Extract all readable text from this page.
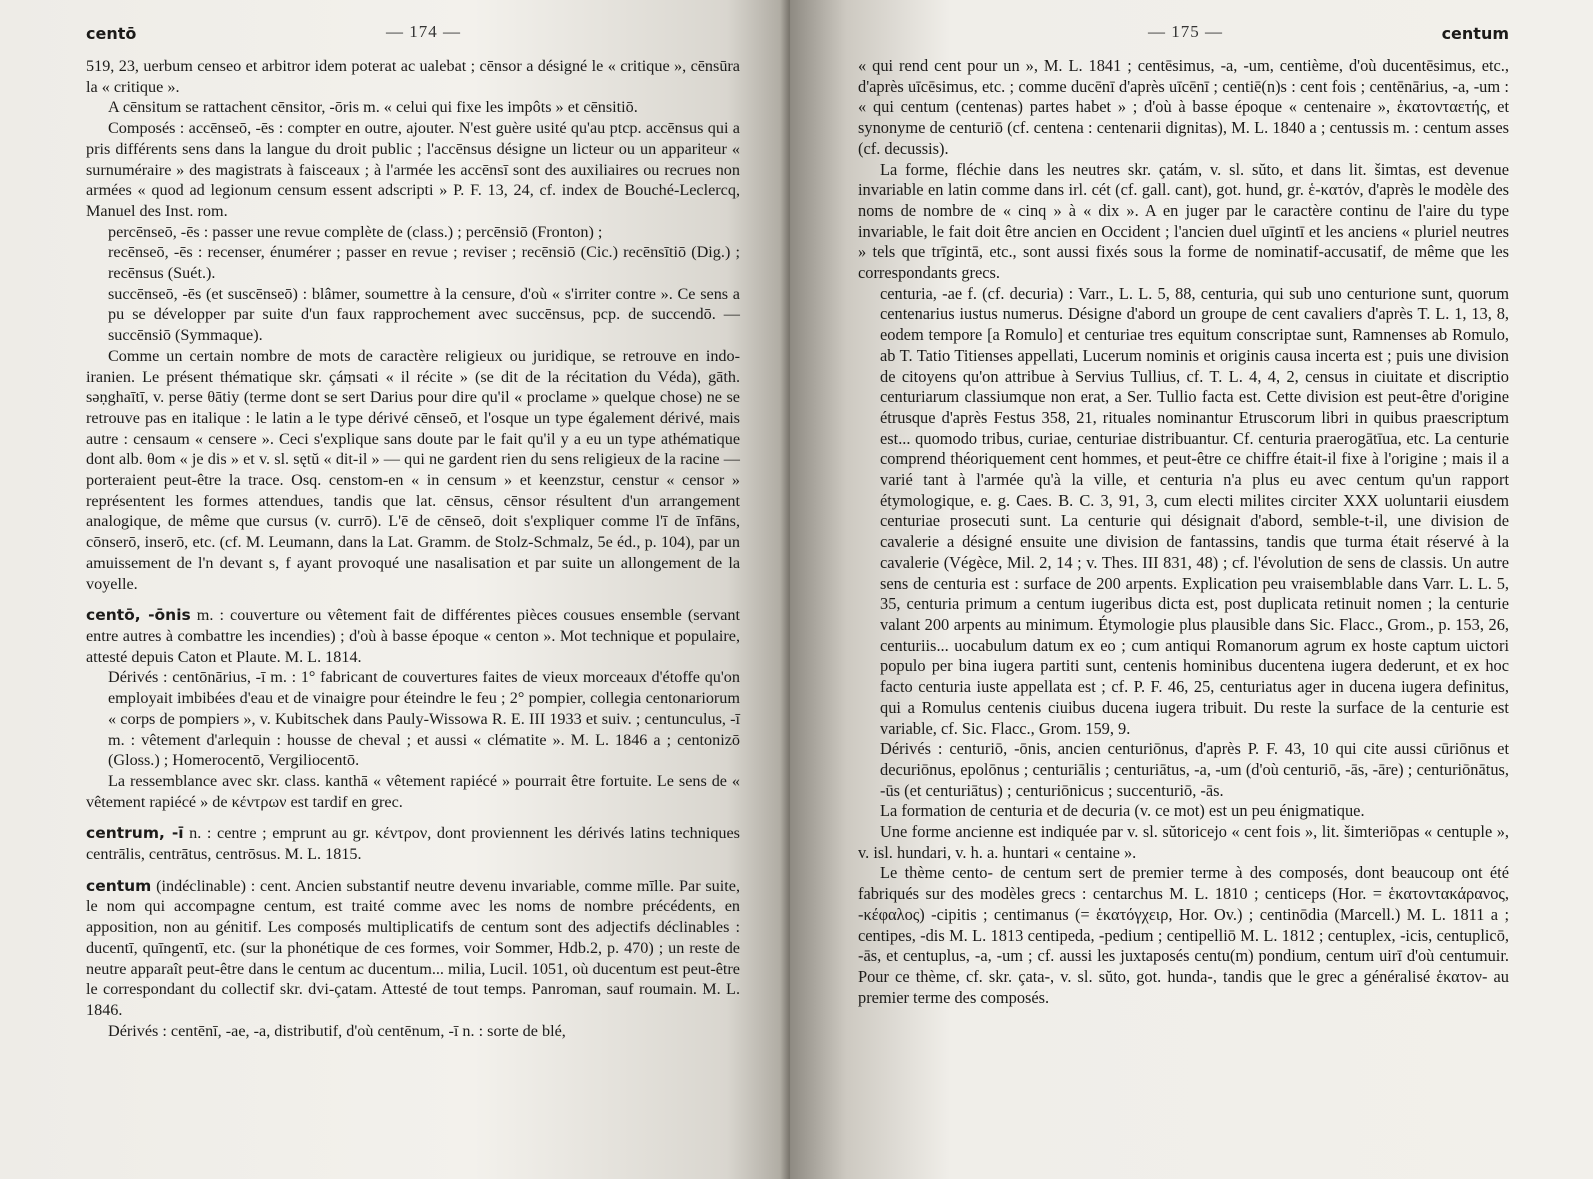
centō	— 174 —

519, 23, uerbum censeo et arbitror idem poterat ac ualebat ; cēnsor a désigné le « critique », cēnsūra la « critique ».

A cēnsitum se rattachent cēnsitor, -ōris m. « celui qui fixe les impôts » et cēnsitiō.

Composés : accēnseō, -ēs : compter en outre, ajouter. N'est guère usité qu'au ptcp. accēnsus qui a pris différents sens dans la langue du droit public ; l'accēnsus désigne un licteur ou un appariteur « surnuméraire » des magistrats à faisceaux ; à l'armée les accēnsī sont des auxiliaires ou recrues non armées « quod ad legionum censum essent adscripti » P. F. 13, 24, cf. index de Bouché-Leclercq, Manuel des Inst. rom.

percēnseō, -ēs : passer une revue complète de (class.) ; percēnsiō (Fronton) ;

recēnseō, -ēs : recenser, énumérer ; passer en revue ; reviser ; recēnsiō (Cic.) recēnsītiō (Dig.) ; recēnsus (Suét.).

succēnseō, -ēs (et suscēnseō) : blâmer, soumettre à la censure, d'où « s'irriter contre ». Ce sens a pu se développer par suite d'un faux rapprochement avec succēnsus, pcp. de succendō. — succēnsiō (Symmaque).

Comme un certain nombre de mots de caractère religieux ou juridique, se retrouve en indo-iranien. Le présent thématique skr. çáṃsati « il récite » (se dit de la récitation du Véda), gāth. səṇghaītī, v. perse θātiy (terme dont se sert Darius pour dire qu'il « proclame » quelque chose) ne se retrouve pas en italique : le latin a le type dérivé cēnseō, et l'osque un type également dérivé, mais autre : censaum « censere ». Ceci s'explique sans doute par le fait qu'il y a eu un type athématique dont alb. θom « je dis » et v. sl. sętŭ « dit-il » — qui ne gardent rien du sens religieux de la racine — porteraient peut-être la trace. Osq. censtom-en « in censum » et keenzstur, censtur « censor » représentent les formes attendues, tandis que lat. cēnsus, cēnsor résultent d'un arrangement analogique, de même que cursus (v. currō). L'ē de cēnseō, doit s'expliquer comme l'ī de īnfāns, cōnserō, inserō, etc. (cf. M. Leumann, dans la Lat. Gramm. de Stolz-Schmalz, 5e éd., p. 104), par un amuissement de l'n devant s, f ayant provoqué une nasalisation et par suite un allongement de la voyelle.

centō, -ōnis m. : couverture ou vêtement fait de différentes pièces cousues ensemble (servant entre autres à combattre les incendies) ; d'où à basse époque « centon ». Mot technique et populaire, attesté depuis Caton et Plaute. M. L. 1814.

Dérivés : centōnārius, -ī m. : 1° fabricant de couvertures faites de vieux morceaux d'étoffe qu'on employait imbibées d'eau et de vinaigre pour éteindre le feu ; 2° pompier, collegia centonariorum « corps de pompiers », v. Kubitschek dans Pauly-Wissowa R. E. III 1933 et suiv. ; centunculus, -ī m. : vêtement d'arlequin : housse de cheval ; et aussi « clématite ». M. L. 1846 a ; centonizō (Gloss.) ; Homerocentō, Vergiliocentō.

La ressemblance avec skr. class. kanthā « vêtement rapiécé » pourrait être fortuite. Le sens de « vêtement rapiécé » de κέντρων est tardif en grec.

centrum, -ī n. : centre ; emprunt au gr. κέντρον, dont proviennent les dérivés latins techniques centrālis, centrātus, centrōsus. M. L. 1815.

centum (indéclinable) : cent. Ancien substantif neutre devenu invariable, comme mīlle. Par suite, le nom qui accompagne centum, est traité comme avec les noms de nombre précédents, en apposition, non au génitif. Les composés multiplicatifs de centum sont des adjectifs déclinables : ducentī, quīngentī, etc. (sur la phonétique de ces formes, voir Sommer, Hdb.2, p. 470) ; un reste de neutre apparaît peut-être dans le centum ac ducentum... milia, Lucil. 1051, où ducentum est peut-être le correspondant du collectif skr. dvi-çatam. Attesté de tout temps. Panroman, sauf roumain. M. L. 1846.

Dérivés : centēnī, -ae, -a, distributif, d'où centēnum, -ī n. : sorte de blé,

— 175 —	centum

« qui rend cent pour un », M. L. 1841 ; centēsimus, -a, -um, centième, d'où ducentēsimus, etc., d'après uīcēsimus, etc. ; comme ducēnī d'après uīcēnī ; centiē(n)s : cent fois ; centēnārius, -a, -um : « qui centum (centenas) partes habet » ; d'où à basse époque « centenaire », ἑκατονταετής, et synonyme de centuriō (cf. centena : centenarii dignitas), M. L. 1840 a ; centussis m. : centum asses (cf. decussis).

La forme, fléchie dans les neutres skr. çatám, v. sl. sŭto, et dans lit. šimtas, est devenue invariable en latin comme dans irl. cét (cf. gall. cant), got. hund, gr. ἑ-κατόν, d'après le modèle des noms de nombre de « cinq » à « dix ». A en juger par le caractère continu de l'aire du type invariable, le fait doit être ancien en Occident ; l'ancien duel uīgintī et les anciens « pluriel neutres » tels que trīgintā, etc., sont aussi fixés sous la forme de nominatif-accusatif, de même que les correspondants grecs.

centuria, -ae f. (cf. decuria) : Varr., L. L. 5, 88, centuria, qui sub uno centurione sunt, quorum centenarius iustus numerus. Désigne d'abord un groupe de cent cavaliers d'après T. L. 1, 13, 8, eodem tempore [a Romulo] et centuriae tres equitum conscriptae sunt, Ramnenses ab Romulo, ab T. Tatio Titienses appellati, Lucerum nominis et originis causa incerta est ; puis une division de citoyens qu'on attribue à Servius Tullius, cf. T. L. 4, 4, 2, census in ciuitate et discriptio centuriarum classiumque non erat, a Ser. Tullio facta est. Cette division est peut-être d'origine étrusque d'après Festus 358, 21, rituales nominantur Etruscorum libri in quibus praescriptum est... quomodo tribus, curiae, centuriae distribuantur. Cf. centuria praerogātīua, etc. La centurie comprend théoriquement cent hommes, et peut-être ce chiffre était-il fixe à l'origine ; mais il a varié tant à l'armée qu'à la ville, et centuria n'a plus eu avec centum qu'un rapport étymologique, e. g. Caes. B. C. 3, 91, 3, cum electi milites circiter XXX uoluntarii eiusdem centuriae prosecuti sunt. La centurie qui désignait d'abord, semble-t-il, une division de cavalerie a désigné ensuite une division de fantassins, tandis que turma était réservé à la cavalerie (Végèce, Mil. 2, 14 ; v. Thes. III 831, 48) ; cf. l'évolution de sens de classis. Un autre sens de centuria est : surface de 200 arpents. Explication peu vraisemblable dans Varr. L. L. 5, 35, centuria primum a centum iugeribus dicta est, post duplicata retinuit nomen ; la centurie valant 200 arpents au minimum. Étymologie plus plausible dans Sic. Flacc., Grom., p. 153, 26, centuriis... uocabulum datum ex eo ; cum antiqui Romanorum agrum ex hoste captum uictori populo per bina iugera partiti sunt, centenis hominibus ducentena iugera dederunt, et ex hoc facto centuria iuste appellata est ; cf. P. F. 46, 25, centuriatus ager in ducena iugera definitus, qui a Romulus centenis ciuibus ducena iugera tribuit. Du reste la surface de la centurie est variable, cf. Sic. Flacc., Grom. 159, 9.

Dérivés : centuriō, -ōnis, ancien centuriōnus, d'après P. F. 43, 10 qui cite aussi cūriōnus et decuriōnus, epolōnus ; centuriālis ; centuriātus, -a, -um (d'où centuriō, -ās, -āre) ; centuriōnātus, -ūs (et centuriātus) ; centuriōnicus ; succenturiō, -ās.

La formation de centuria et de decuria (v. ce mot) est un peu énigmatique.

Une forme ancienne est indiquée par v. sl. sŭtoricejo « cent fois », lit. šimteriōpas « centuple », v. isl. hundari, v. h. a. huntari « centaine ».

Le thème cento- de centum sert de premier terme à des composés, dont beaucoup ont été fabriqués sur des modèles grecs : centarchus M. L. 1810 ; centiceps (Hor. = ἑκατοντακάρανος, -κέφαλος) -cipitis ; centimanus (= ἑκατόγχειρ, Hor. Ov.) ; centinōdia (Marcell.) M. L. 1811 a ; centipes, -dis M. L. 1813 centipeda, -pedium ; centipelliō M. L. 1812 ; centuplex, -icis, centuplicō, -ās, et centuplus, -a, -um ; cf. aussi les juxtaposés centu(m) pondium, centum uirī d'où centumuir. Pour ce thème, cf. skr. çata-, v. sl. sŭto, got. hunda-, tandis que le grec a généralisé ἑκατον- au premier terme des composés.
